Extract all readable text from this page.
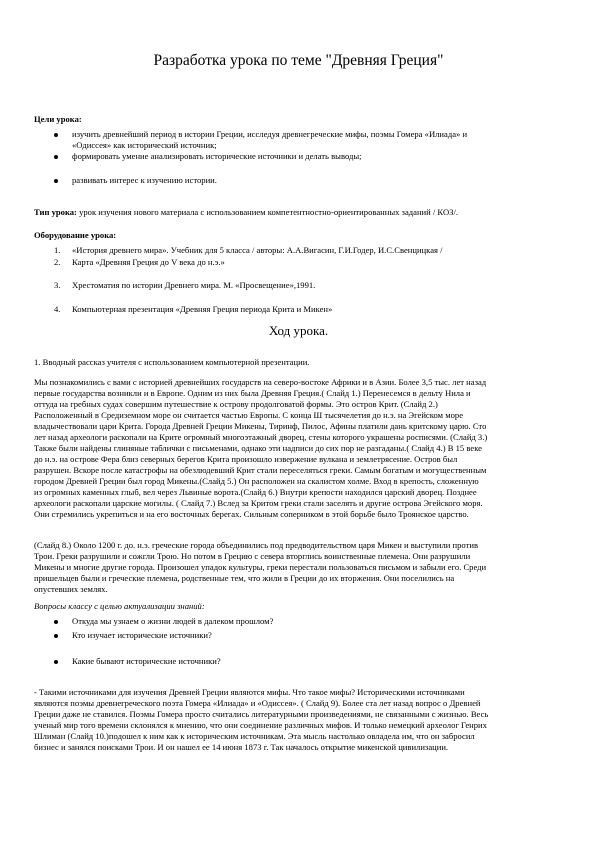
Разработка урока по теме "Древняя Греция"
Цели урока:
изучить древнейший период в истории Греции, исследуя древнегреческие мифы, поэмы Гомера «Илиада» и
«Одиссея» как исторический источник;
формировать умение анализировать исторические источники и делать выводы;
развивать интерес к изучению истории.
Тип урока: урок изучения нового материала с использованием компетентностно-ориентированных заданий / КОЗ/.
Оборудование урока:
1. «История древнего мира». Учебник для 5 класса / авторы: А.А.Вигасин, Г.И.Годер, И.С.Свенцицкая /
2. Карта «Древняя Греция до V века до н.э.»
3. Хрестоматия по истории Древнего мира. М. «Просвещение»,1991.
4. Компьютерная презентация «Древняя Греция периода Крита и Микен»
Ход урока.
1. Вводный рассказ учителя с использованием компьютерной презентации.
Мы познакомились с вами с историей древнейших государств на северо-востоке Африки и в Азии. Более 3,5 тыс. лет назад
первые государства возникли и в Европе. Одним из них была Древняя Греция.( Слайд 1.) Перенесемся в дельту Нила и
оттуда на гребных судах совершим путешествие к острову продолговатой формы. Это остров Крит. (Слайд 2.)
Расположенный в Средиземном море он считается частью Европы. С конца Ш тысячелетия до н.э. на Эгейском море
владычествовали цари Крита. Города Древней Греции Микены, Тиринф, Пилос, Афины платили дань критскому царю. Сто
лет назад археологи раскопали на Крите огромный многоэтажный дворец, стены которого украшены росписями. (Слайд 3.)
Также были найдены глиняные таблички с письменами, однако эти надписи до сих пор не разгаданы.( Слайд 4.) В 15 веке
до н.э. на острове Фера близ северных берегов Крита произошло извержение вулкана и землетрясение. Остров был
разрушен. Вскоре после катастрофы на обезлюдевший Крит стали переселяться греки. Самым богатым и могущественным
городом Древней Греции был город Микены.(Слайд 5.) Он расположен на скалистом холме. Вход в крепость, сложенную
из огромных каменных глыб, вел через Львиные ворота.(Слайд 6.) Внутри крепости находился царский дворец. Позднее
археологи раскопали царские могилы. ( Слайд 7.) Вслед за Критом греки стали заселять и другие острова Эгейского моря.
Они стремились укрепиться и на его восточных берегах. Сильным соперником в этой борьбе было Троянское царство.
(Слайд 8.) Около 1200 г. до. н.э. греческие города объединились под предводительством царя Микен и выступили против
Трои. Греки разрушили и сожгли Трою. Но потом в Грецию с севера вторглись воинственные племена. Они разрушили
Микены и многие другие города. Произошел упадок культуры, греки перестали пользоваться письмом и забыли его. Среди
пришельцев были и греческие племена, родственные тем, что жили в Греции до их вторжения. Они поселились на
опустевших землях.
Вопросы классу с целью актуализации знаний:
Откуда мы узнаем о жизни людей в далеком прошлом?
Кто изучает исторические источники?
Какие бывают исторические источники?
- Такими источниками для изучения Древней Греции являются мифы. Что такое мифы? Историческими источниками
являются поэмы древнегреческого поэта Гомера «Илиада» и «Одиссея». ( Слайд 9). Более ста лет назад вопрос о Древней
Греции даже не ставился. Поэмы Гомера просто считались литературными произведениями, не связанными с жизнью. Весь
ученый мир того времени склонялся к мнению, что они соединение различных мифов. И только немецкий археолог Генрих
Шлиман (Слайд 10.)подошел к ним как к историческим источникам. Эта мысль настолько овладела им, что он забросил
бизнес и занялся поисками Трои. И он нашел ее 14 июня 1873 г. Так началось открытие микенской цивилизации.
